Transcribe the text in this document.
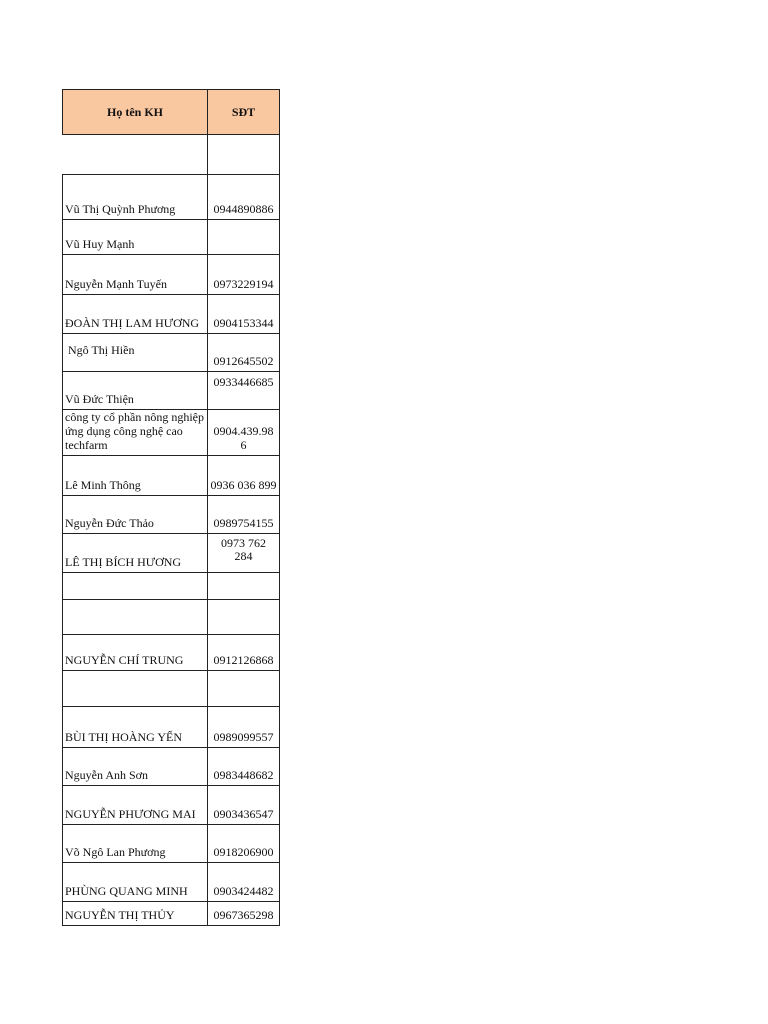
Họ tên KH	SĐT

Vũ Thị Quỳnh Phương	0944890886
Vũ Huy Mạnh	
Nguyễn Mạnh Tuyến	0973229194
ĐOÀN THỊ LAM HƯƠNG	0904153344
Ngô Thị Hiền	0912645502
Vũ Đức Thiện	0933446685
công ty cổ phần nông nghiệp ứng dụng công nghệ cao techfarm	0904.439.98 6
Lê Minh Thông	0936 036 899
Nguyễn Đức Thảo	0989754155
LÊ THỊ BÍCH HƯƠNG	0973 762 284

NGUYỄN CHÍ TRUNG	0912126868

BÙI THỊ HOÀNG YẾN	0989099557
Nguyễn Anh Sơn	0983448682
NGUYỄN PHƯƠNG MAI	0903436547
Võ Ngô Lan Phương	0918206900
PHÙNG QUANG MINH	0903424482
NGUYỄN THỊ THỦY	0967365298
